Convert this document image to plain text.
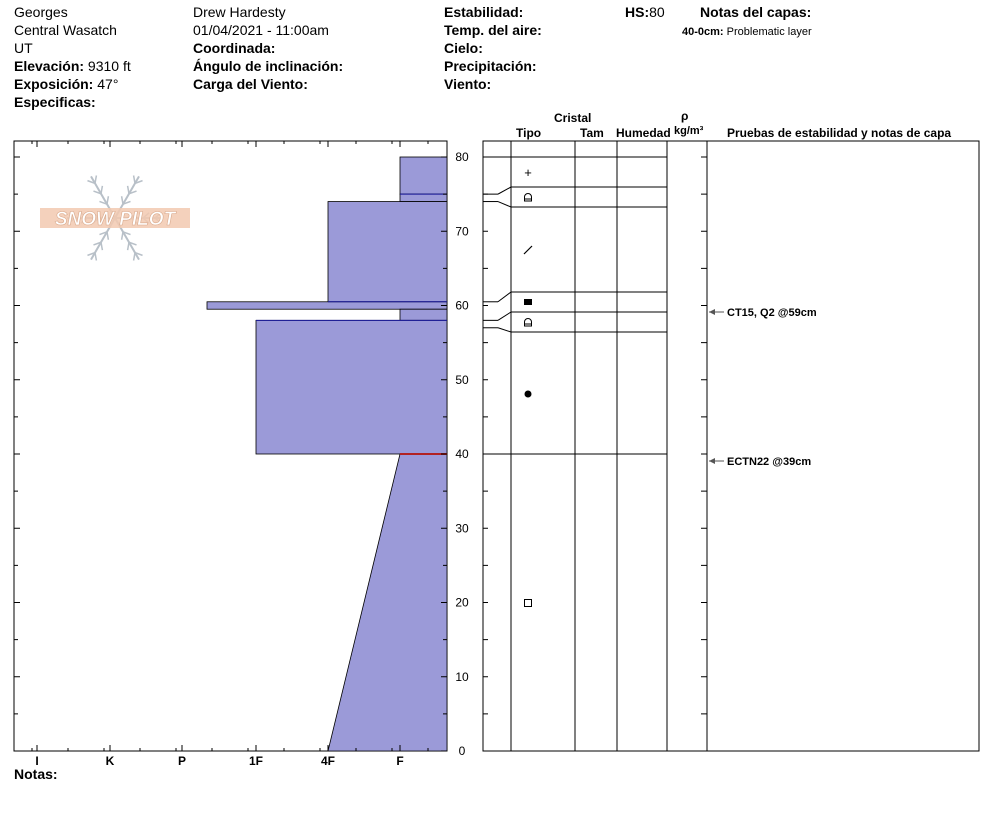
Georges
Central Wasatch
UT
Elevación: 9310 ft
Exposición: 47°
Especificas:
Drew Hardesty
01/04/2021 - 11:00am
Coordinada:
Ángulo de inclinación:
Carga del Viento:
Estabilidad:
Temp. del aire:
Cielo:
Precipitación:
Viento:
HS:80	Notas del capas:
40-0cm: Problematic layer
Notas:
Cristal
Tipo	Tam Humedad
ρ
kg/m³ Pruebas de estabilidad y notas de capa
SNOW PILOT
0
10
20
30
40
50
60
70
80
I	K	P	1F	4F	F
+
CT15, Q2 @59cm
ECTN22 @39cm
